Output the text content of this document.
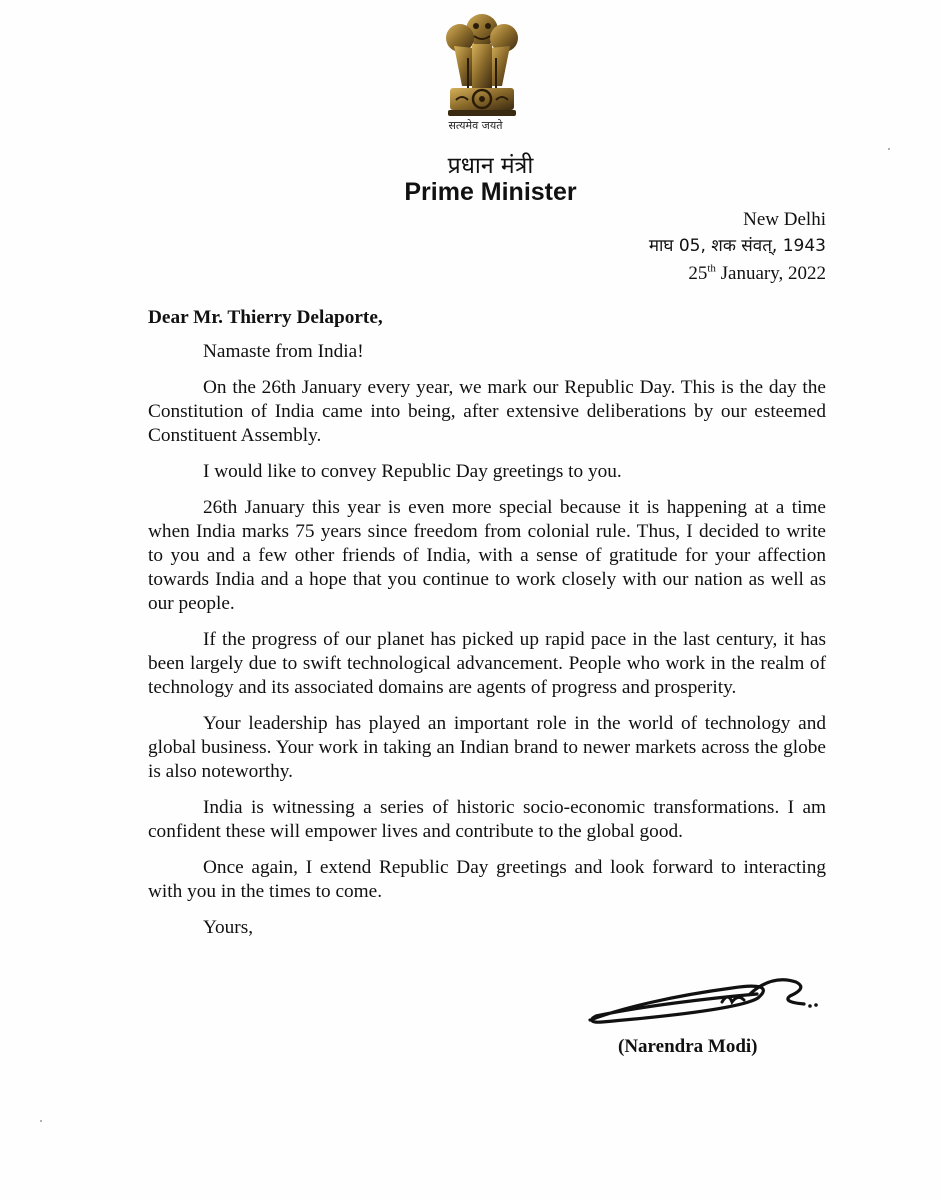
सत्यमेव जयते
प्रधान मंत्री
Prime Minister
New Delhi
माघ 05, शक संवत्, 1943
25th January, 2022

Dear Mr. Thierry Delaporte,

Namaste from India!

On the 26th January every year, we mark our Republic Day. This is the day the Constitution of India came into being, after extensive deliberations by our esteemed Constituent Assembly.

I would like to convey Republic Day greetings to you.

26th January this year is even more special because it is happening at a time when India marks 75 years since freedom from colonial rule. Thus, I decided to write to you and a few other friends of India, with a sense of gratitude for your affection towards India and a hope that you continue to work closely with our nation as well as our people.

If the progress of our planet has picked up rapid pace in the last century, it has been largely due to swift technological advancement. People who work in the realm of technology and its associated domains are agents of progress and prosperity.

Your leadership has played an important role in the world of technology and global business. Your work in taking an Indian brand to newer markets across the globe is also noteworthy.

India is witnessing a series of historic socio-economic transformations. I am confident these will empower lives and contribute to the global good.

Once again, I extend Republic Day greetings and look forward to interacting with you in the times to come.

Yours,

(Narendra Modi)
